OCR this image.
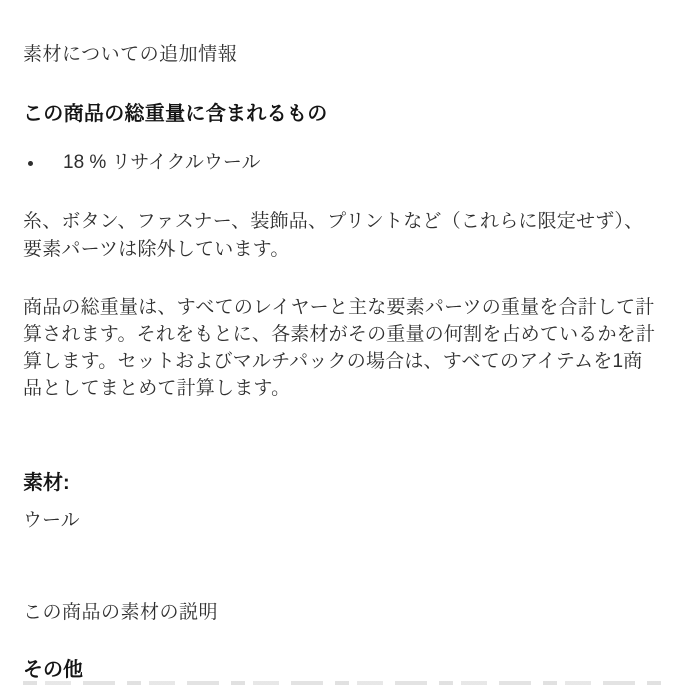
素材についての追加情報
この商品の総重量に含まれるもの
18 % リサイクルウール

糸、ボタン、ファスナー、装飾品、プリントなど（これらに限定せず）、要素パーツは除外しています。

商品の総重量は、すべてのレイヤーと主な要素パーツの重量を合計して計算されます。それをもとに、各素材がその重量の何割を占めているかを計算します。セットおよびマルチパックの場合は、すべてのアイテムを1商品としてまとめて計算します。

素材:
ウール
この商品の素材の説明
その他
